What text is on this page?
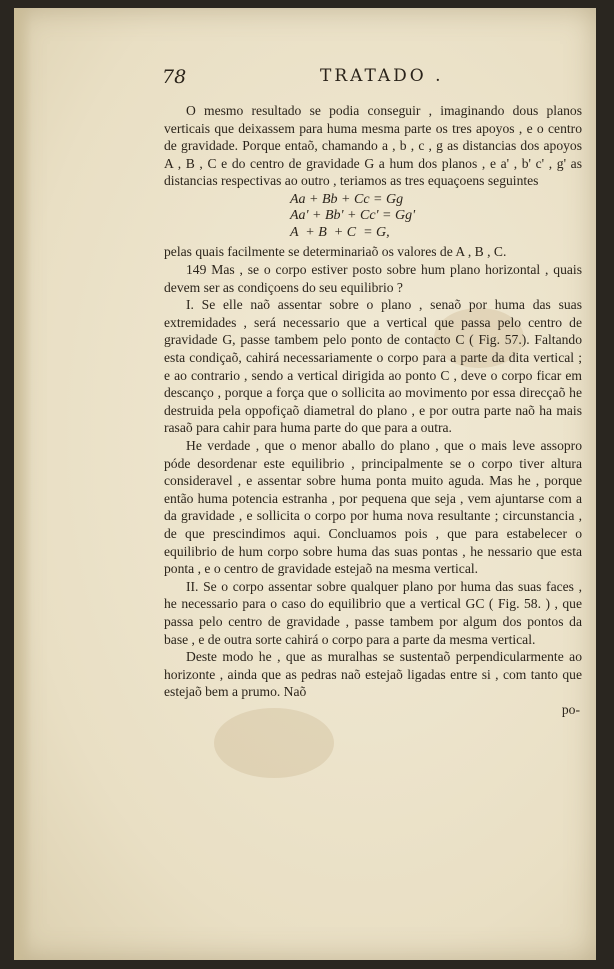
78	TRATADO .

O mesmo resultado se podia conseguir , imaginando dous planos verticais que deixassem para huma mesma parte os tres apoyos , e o centro de gravidade. Porque entaõ, chamando a , b , c , g as distancias dos apoyos A , B , C e do centro de gravidade G a hum dos planos , e a' , b' c' , g' as distancias respectivas ao outro , teriamos as tres equaçoens seguintes

Aa + Bb + Cc = Gg

Aa' + Bb' + Cc' = Gg'

A  + B  + C  = G,

pelas quais facilmente se determinariaõ os valores de A , B , C.

149 Mas , se o corpo estiver posto sobre hum plano horizontal , quais devem ser as condiçoens do seu equilibrio ?

I. Se elle naõ assentar sobre o plano , senaõ por huma das suas extremidades , será necessario que a vertical que passa pelo centro de gravidade G, passe tambem pelo ponto de contacto C ( Fig. 57.). Faltando esta condiçaõ, cahirá necessariamente o corpo para a parte da dita vertical ; e ao contrario , sendo a vertical dirigida ao ponto C , deve o corpo ficar em descanço , porque a força que o sollicita ao movimento por essa direcçaõ he destruida pela oppofiçaõ diametral do plano , e por outra parte naõ ha mais rasaõ para cahir para huma parte do que para a outra.

He verdade , que o menor aballo do plano , que o mais leve assopro póde desordenar este equilibrio , principalmente se o corpo tiver altura consideravel , e assentar sobre huma ponta muito aguda. Mas he , porque então huma potencia estranha , por pequena que seja , vem ajuntarse com a da gravidade , e sollicita o corpo por huma nova resultante ; circunstancia , de que prescindimos aqui. Concluamos pois , que para estabelecer o equilibrio de hum corpo sobre huma das suas pontas , he nessario que esta ponta , e o centro de gravidade estejaõ na mesma vertical.

II. Se o corpo assentar sobre qualquer plano por huma das suas faces , he necessario para o caso do equilibrio que a vertical GC ( Fig. 58. ) , que passa pelo centro de gravidade , passe tambem por algum dos pontos da base , e de outra sorte cahirá o corpo para a parte da mesma vertical.

Deste modo he , que as muralhas se sustentaõ perpendicularmente ao horizonte , ainda que as pedras naõ estejaõ ligadas entre si , com tanto que estejaõ bem a prumo. Naõ

po-
